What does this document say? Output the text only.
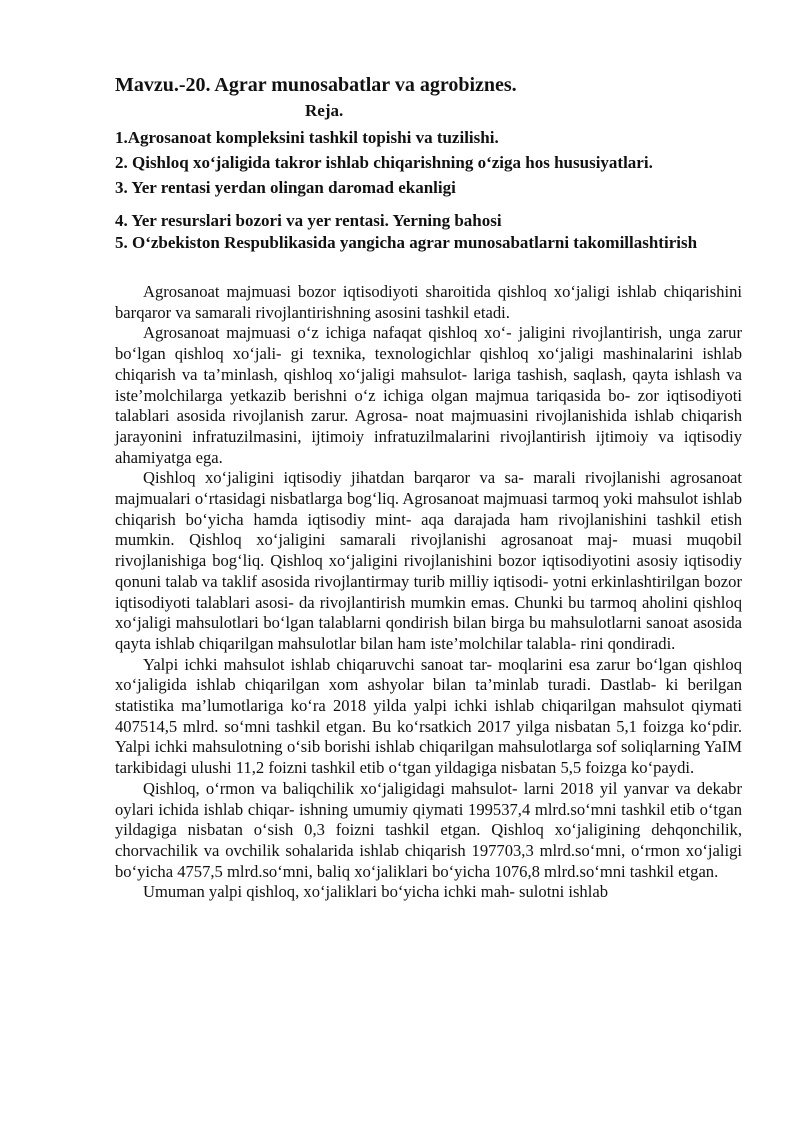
Mavzu.-20. Agrar munosabatlar va agrobiznes.
Reja.
1.Agrosanoat kompleksini tashkil topishi va tuzilishi.
2. Qishloq xo‘jaligida takror ishlab chiqarishning o‘ziga hos hususiyatlari.
3. Yer rentasi yerdan olingan daromad ekanligi
4. Yer resurslari bozori va yer rentasi. Yerning bahosi
5. O‘zbekiston Respublikasida yangicha agrar munosabatlarni takomillashtirish

Agrosanoat majmuasi bozor iqtisodiyoti sharoitida qishloq xo‘jaligi ishlab chiqarishini barqaror va samarali rivojlantirishning asosini tashkil etadi.

Agrosanoat majmuasi o‘z ichiga nafaqat qishloq xo‘- jaligini rivojlantirish, unga zarur bo‘lgan qishloq xo‘jali- gi texnika, texnologichlar qishloq xo‘jaligi mashinalarini ishlab chiqarish va ta’minlash, qishloq xo‘jaligi mahsulot- lariga tashish, saqlash, qayta ishlash va iste’molchilarga yetkazib berishni o‘z ichiga olgan majmua tariqasida bo- zor iqtisodiyoti talablari asosida rivojlanish zarur. Agrosa- noat majmuasini rivojlanishida ishlab chiqarish jarayonini infratuzilmasini, ijtimoiy infratuzilmalarini rivojlantirish ijtimoiy va iqtisodiy ahamiyatga ega.

Qishloq xo‘jaligini iqtisodiy jihatdan barqaror va sa- marali rivojlanishi agrosanoat majmualari o‘rtasidagi nisbatlarga bog‘liq. Agrosanoat majmuasi tarmoq yoki mahsulot ishlab chiqarish bo‘yicha hamda iqtisodiy mint- aqa darajada ham rivojlanishini tashkil etish mumkin. Qishloq xo‘jaligini samarali rivojlanishi agrosanoat maj- muasi muqobil rivojlanishiga bog‘liq. Qishloq xo‘jaligini rivojlanishini bozor iqtisodiyotini asosiy iqtisodiy qonuni talab va taklif asosida rivojlantirmay turib milliy iqtisodi- yotni erkinlashtirilgan bozor iqtisodiyoti talablari asosi- da rivojlantirish mumkin emas. Chunki bu tarmoq aholini qishloq xo‘jaligi mahsulotlari bo‘lgan talablarni qondirish bilan birga bu mahsulotlarni sanoat asosida qayta ishlab chiqarilgan mahsulotlar bilan ham iste’molchilar talabla- rini qondiradi.

Yalpi ichki mahsulot ishlab chiqaruvchi sanoat tar- moqlarini esa zarur bo‘lgan qishloq xo‘jaligida ishlab chiqarilgan xom ashyolar bilan ta’minlab turadi. Dastlab- ki berilgan statistika ma’lumotlariga ko‘ra 2018 yilda yalpi ichki ishlab chiqarilgan mahsulot qiymati 407514,5 mlrd. so‘mni tashkil etgan. Bu ko‘rsatkich 2017 yilga nisbatan 5,1 foizga ko‘pdir. Yalpi ichki mahsulotning o‘sib borishi ishlab chiqarilgan mahsulotlarga sof soliqlarning YaIM tarkibidagi ulushi 11,2 foizni tashkil etib o‘tgan yildagiga nisbatan 5,5 foizga ko‘paydi.

Qishloq, o‘rmon va baliqchilik xo‘jaligidagi mahsulot- larni 2018 yil yanvar va dekabr oylari ichida ishlab chiqar- ishning umumiy qiymati 199537,4 mlrd.so‘mni tashkil etib o‘tgan yildagiga nisbatan o‘sish 0,3 foizni tashkil etgan. Qishloq xo‘jaligining dehqonchilik, chorvachilik va ovchilik sohalarida ishlab chiqarish 197703,3 mlrd.so‘mni, o‘rmon xo‘jaligi bo‘yicha 4757,5 mlrd.so‘mni, baliq xo‘jaliklari bo‘yicha 1076,8 mlrd.so‘mni tashkil etgan.

Umuman yalpi qishloq, xo‘jaliklari bo‘yicha ichki mah- sulotni ishlab
